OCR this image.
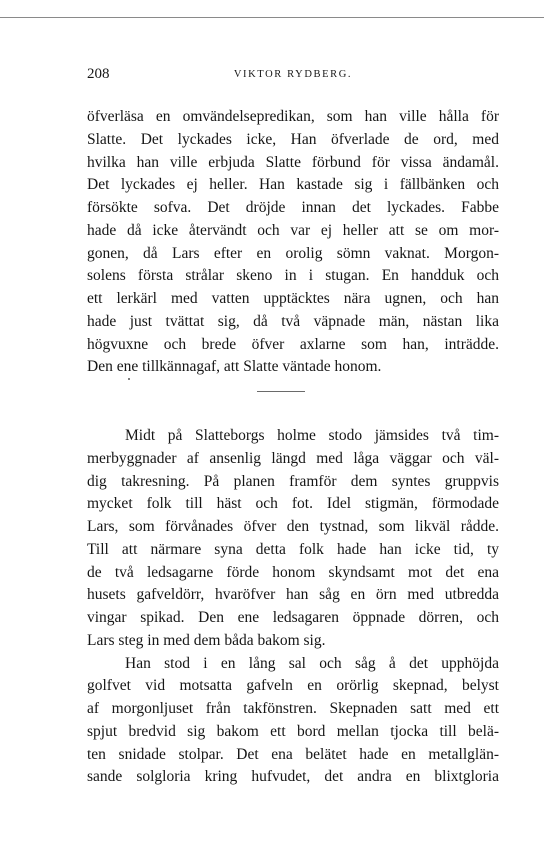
208	VIKTOR RYDBERG.
öfverläsa en omvändelsepredikan, som han ville hålla för
Slatte. Det lyckades icke, Han öfverlade de ord, med
hvilka han ville erbjuda Slatte förbund för vissa ändamål.
Det lyckades ej heller. Han kastade sig i fällbänken och
försökte sofva. Det dröjde innan det lyckades. Fabbe
hade då icke återvändt och var ej heller att se om mor-
gonen, då Lars efter en orolig sömn vaknat. Morgon-
solens första strålar skeno in i stugan. En handduk och
ett lerkärl med vatten upptäcktes nära ugnen, och han
hade just tvättat sig, då två väpnade män, nästan lika
högvuxne och brede öfver axlarne som han, inträdde.
Den ene tillkännagaf, att Slatte väntade honom.
Midt på Slatteborgs holme stodo jämsides två tim-
merbyggnader af ansenlig längd med låga väggar och väl-
dig takresning. På planen framför dem syntes gruppvis
mycket folk till häst och fot. Idel stigmän, förmodade
Lars, som förvånades öfver den tystnad, som likväl rådde.
Till att närmare syna detta folk hade han icke tid, ty
de två ledsagarne förde honom skyndsamt mot det ena
husets gafveldörr, hvaröfver han såg en örn med utbredda
vingar spikad. Den ene ledsagaren öppnade dörren, och
Lars steg in med dem båda bakom sig.
Han stod i en lång sal och såg å det upphöjda
golfvet vid motsatta gafveln en orörlig skepnad, belyst
af morgonljuset från takfönstren. Skepnaden satt med ett
spjut bredvid sig bakom ett bord mellan tjocka till belä-
ten snidade stolpar. Det ena belätet hade en metallglän-
sande solgloria kring hufvudet, det andra en blixtgloria
